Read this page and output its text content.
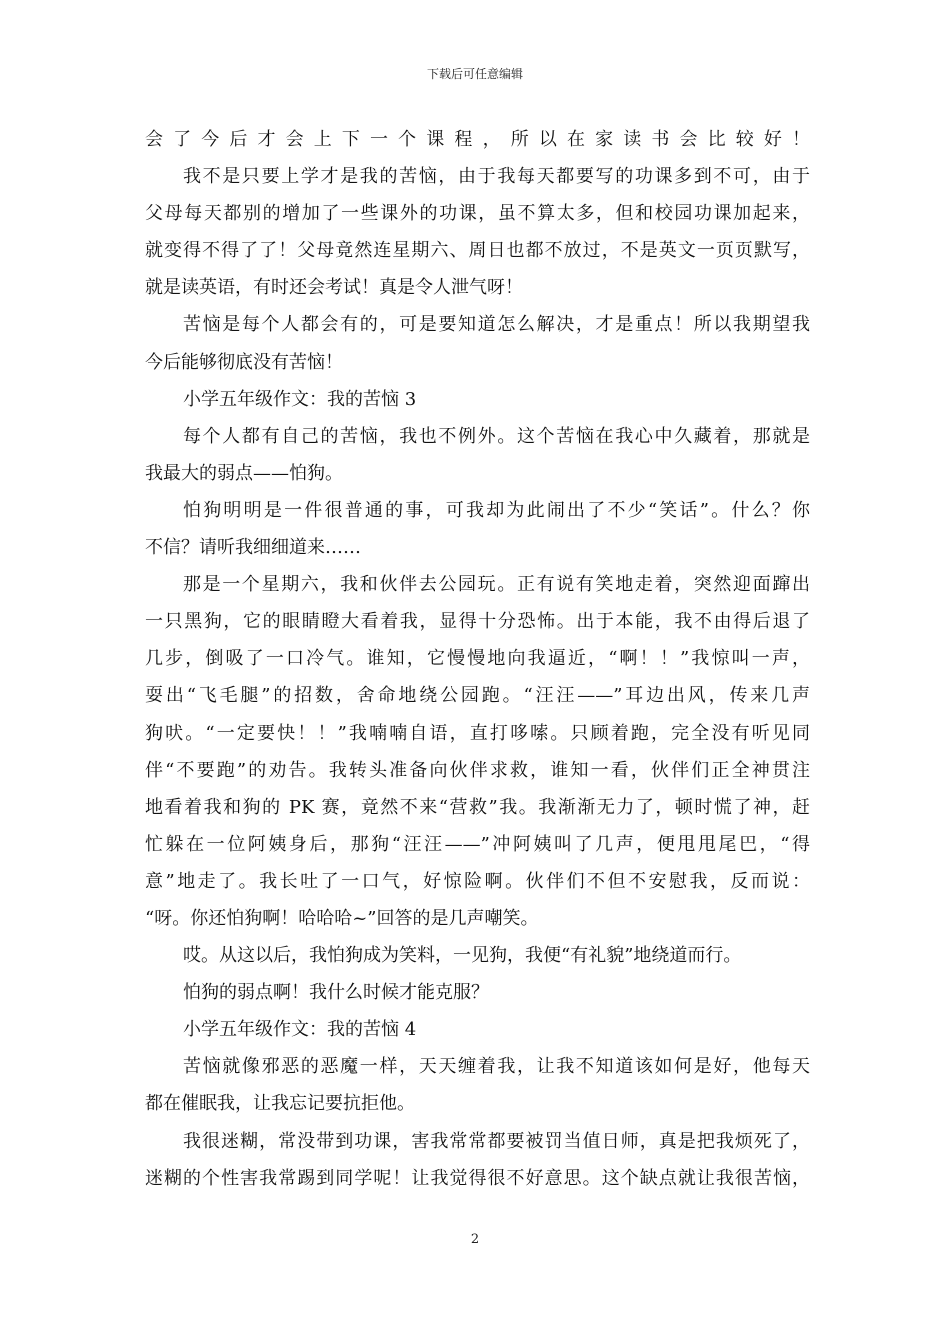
下载后可任意编辑
会了今后才会上下一个课程，所以在家读书会比较好！
我不是只要上学才是我的苦恼，由于我每天都要写的功课多到不可，由于
父母每天都别的增加了一些课外的功课，虽不算太多，但和校园功课加起来，
就变得不得了了！父母竟然连星期六、周日也都不放过，不是英文一页页默写，
就是读英语，有时还会考试！真是令人泄气呀！
苦恼是每个人都会有的，可是要知道怎么解决，才是重点！所以我期望我
今后能够彻底没有苦恼！
小学五年级作文：我的苦恼 3
每个人都有自己的苦恼，我也不例外。这个苦恼在我心中久藏着，那就是
我最大的弱点——怕狗。
怕狗明明是一件很普通的事，可我却为此闹出了不少“笑话”。什么？你
不信？请听我细细道来……
那是一个星期六，我和伙伴去公园玩。正有说有笑地走着，突然迎面蹿出
一只黑狗，它的眼睛瞪大看着我，显得十分恐怖。出于本能，我不由得后退了
几步，倒吸了一口冷气。谁知，它慢慢地向我逼近，“啊！！”我惊叫一声，
耍出“飞毛腿”的招数，舍命地绕公园跑。“汪汪——”耳边出风，传来几声
狗吠。“一定要快！！”我喃喃自语，直打哆嗦。只顾着跑，完全没有听见同
伴“不要跑”的劝告。我转头准备向伙伴求救，谁知一看，伙伴们正全神贯注
地看着我和狗的 PK 赛，竟然不来“营救”我。我渐渐无力了，顿时慌了神，赶
忙躲在一位阿姨身后，那狗“汪汪——”冲阿姨叫了几声，便甩甩尾巴，“得
意”地走了。我长吐了一口气，好惊险啊。伙伴们不但不安慰我，反而说：
“呀。你还怕狗啊！哈哈哈~”回答的是几声嘲笑。
哎。从这以后，我怕狗成为笑料，一见狗，我便“有礼貌”地绕道而行。
怕狗的弱点啊！我什么时候才能克服？
小学五年级作文：我的苦恼 4
苦恼就像邪恶的恶魔一样，天天缠着我，让我不知道该如何是好，他每天
都在催眠我，让我忘记要抗拒他。
我很迷糊，常没带到功课，害我常常都要被罚当值日师，真是把我烦死了，
迷糊的个性害我常踢到同学呢！让我觉得很不好意思。这个缺点就让我很苦恼，
2
